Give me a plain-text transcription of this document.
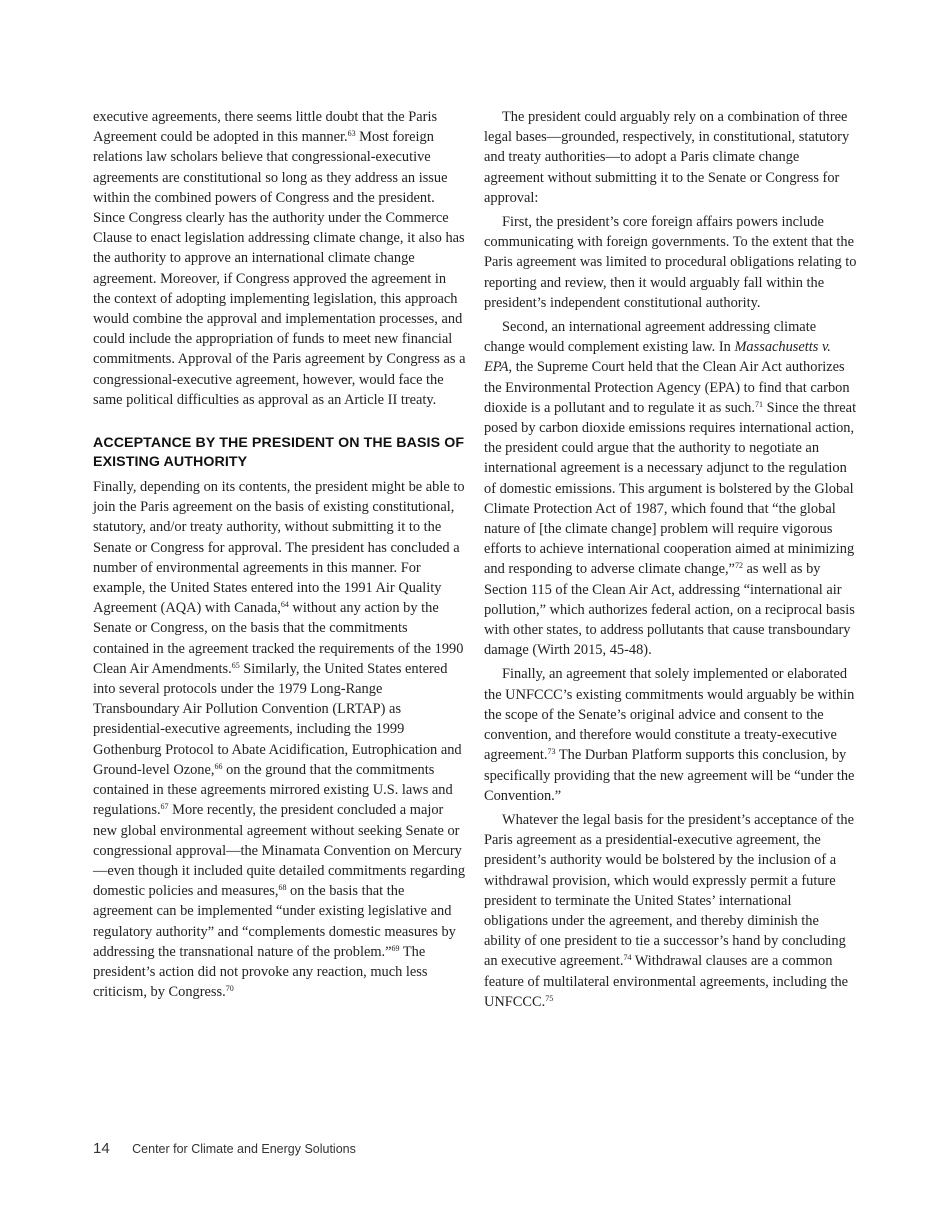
executive agreements, there seems little doubt that the Paris Agreement could be adopted in this manner.$^{63}$ Most foreign relations law scholars believe that congressional-executive agreements are constitutional so long as they address an issue within the combined powers of Congress and the president. Since Congress clearly has the authority under the Commerce Clause to enact legislation addressing climate change, it also has the authority to approve an international climate change agreement. Moreover, if Congress approved the agreement in the context of adopting implementing legislation, this approach would combine the approval and implementation processes, and could include the appropriation of funds to meet new financial commitments. Approval of the Paris agreement by Congress as a congressional-executive agreement, however, would face the same political difficulties as approval as an Article II treaty.

ACCEPTANCE BY THE PRESIDENT ON THE BASIS OF EXISTING AUTHORITY

Finally, depending on its contents, the president might be able to join the Paris agreement on the basis of existing constitutional, statutory, and/or treaty authority, without submitting it to the Senate or Congress for approval. The president has concluded a number of environmental agreements in this manner. For example, the United States entered into the 1991 Air Quality Agreement (AQA) with Canada,$^{64}$ without any action by the Senate or Congress, on the basis that the commitments contained in the agreement tracked the requirements of the 1990 Clean Air Amendments.$^{65}$ Similarly, the United States entered into several protocols under the 1979 Long-Range Transboundary Air Pollution Convention (LRTAP) as presidential-executive agreements, including the 1999 Gothenburg Protocol to Abate Acidification, Eutrophication and Ground-level Ozone,$^{66}$ on the ground that the commitments contained in these agreements mirrored existing U.S. laws and regulations.$^{67}$ More recently, the president concluded a major new global environmental agreement without seeking Senate or congressional approval—the Minamata Convention on Mercury—even though it included quite detailed commitments regarding domestic policies and measures,$^{68}$ on the basis that the agreement can be implemented “under existing legislative and regulatory authority” and “complements domestic measures by addressing the transnational nature of the problem.”$^{69}$ The president’s action did not provoke any reaction, much less criticism, by Congress.$^{70}$

The president could arguably rely on a combination of three legal bases—grounded, respectively, in constitutional, statutory and treaty authorities—to adopt a Paris climate change agreement without submitting it to the Senate or Congress for approval:

First, the president’s core foreign affairs powers include communicating with foreign governments. To the extent that the Paris agreement was limited to procedural obligations relating to reporting and review, then it would arguably fall within the president’s independent constitutional authority.

Second, an international agreement addressing climate change would complement existing law. In Massachusetts v. EPA, the Supreme Court held that the Clean Air Act authorizes the Environmental Protection Agency (EPA) to find that carbon dioxide is a pollutant and to regulate it as such.$^{71}$ Since the threat posed by carbon dioxide emissions requires international action, the president could argue that the authority to negotiate an international agreement is a necessary adjunct to the regulation of domestic emissions. This argument is bolstered by the Global Climate Protection Act of 1987, which found that “the global nature of [the climate change] problem will require vigorous efforts to achieve international cooperation aimed at minimizing and responding to adverse climate change,”$^{72}$ as well as by Section 115 of the Clean Air Act, addressing “international air pollution,” which authorizes federal action, on a reciprocal basis with other states, to address pollutants that cause transboundary damage (Wirth 2015, 45-48).

Finally, an agreement that solely implemented or elaborated the UNFCCC’s existing commitments would arguably be within the scope of the Senate’s original advice and consent to the convention, and therefore would constitute a treaty-executive agreement.$^{73}$ The Durban Platform supports this conclusion, by specifically providing that the new agreement will be “under the Convention.”

Whatever the legal basis for the president’s acceptance of the Paris agreement as a presidential-executive agreement, the president’s authority would be bolstered by the inclusion of a withdrawal provision, which would expressly permit a future president to terminate the United States’ international obligations under the agreement, and thereby diminish the ability of one president to tie a successor’s hand by concluding an executive agreement.$^{74}$ Withdrawal clauses are a common feature of multilateral environmental agreements, including the UNFCCC.$^{75}$

14 Center for Climate and Energy Solutions
